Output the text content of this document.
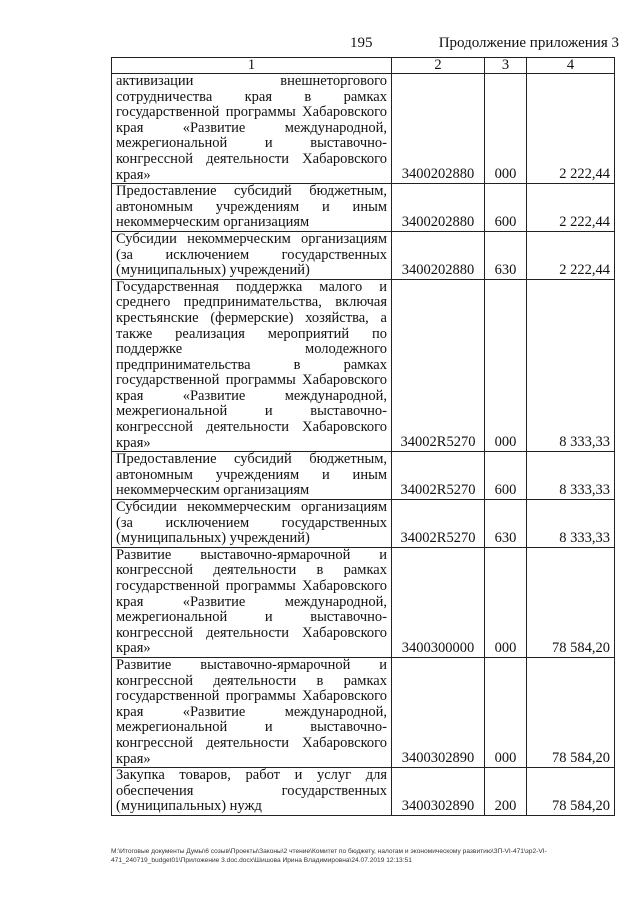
195	Продолжение приложения 3
1	2	3	4
активизации внешнеторгового сотрудничества края в рамках государственной программы Хабаровского края «Развитие международной, межрегиональной и выставочно-конгрессной деятельности Хабаровского края»	3400202880	000	2 222,44
Предоставление субсидий бюджетным, автономным учреждениям и иным некоммерческим организациям	3400202880	600	2 222,44
Субсидии некоммерческим организациям (за исключением государственных (муниципальных) учреждений)	3400202880	630	2 222,44
Государственная поддержка малого и среднего предпринимательства, включая крестьянские (фермерские) хозяйства, а также реализация мероприятий по поддержке молодежного предпринимательства в рамках государственной программы Хабаровского края «Развитие международной, межрегиональной и выставочно-конгрессной деятельности Хабаровского края»	34002R5270	000	8 333,33
Предоставление субсидий бюджетным, автономным учреждениям и иным некоммерческим организациям	34002R5270	600	8 333,33
Субсидии некоммерческим организациям (за исключением государственных (муниципальных) учреждений)	34002R5270	630	8 333,33
Развитие выставочно-ярмарочной и конгрессной деятельности в рамках государственной программы Хабаровского края «Развитие международной, межрегиональной и выставочно-конгрессной деятельности Хабаровского края»	3400300000	000	78 584,20
Развитие выставочно-ярмарочной и конгрессной деятельности в рамках государственной программы Хабаровского края «Развитие международной, межрегиональной и выставочно-конгрессной деятельности Хабаровского края»	3400302890	000	78 584,20
Закупка товаров, работ и услуг для обеспечения государственных (муниципальных) нужд	3400302890	200	78 584,20
М:\Итоговые документы Думы\6 созыв\Проекты\Законы\2 чтение\Комитет по бюджету, налогам и экономическому развитию\ЗП-VI-471\зр2-VI-471_240719_budget01\Приложение 3.doc.docx\Шишова Ирина Владимировна\24.07.2019 12:13:51
